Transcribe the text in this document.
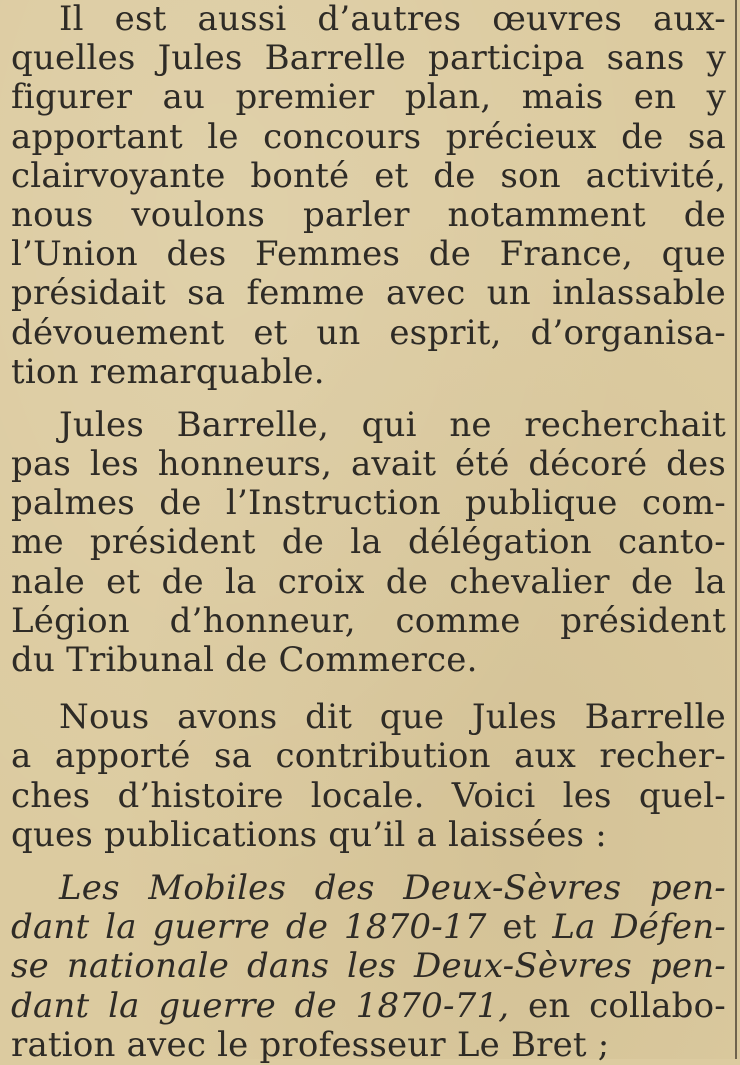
Il est aussi d’autres œuvres aux-
quelles Jules Barrelle participa sans y
figurer au premier plan, mais en y
apportant le concours précieux de sa
clairvoyante bonté et de son activité,
nous voulons parler notamment de
l’Union des Femmes de France, que
présidait sa femme avec un inlassable
dévouement et un esprit, d’organisa-
tion remarquable.
Jules Barrelle, qui ne recherchait
pas les honneurs, avait été décoré des
palmes de l’Instruction publique com-
me président de la délégation canto-
nale et de la croix de chevalier de la
Légion d’honneur, comme président
du Tribunal de Commerce.
Nous avons dit que Jules Barrelle
a apporté sa contribution aux recher-
ches d’histoire locale. Voici les quel-
ques publications qu’il a laissées :
Les Mobiles des Deux-Sèvres pen-
dant la guerre de 1870-17 et La Défen-
se nationale dans les Deux-Sèvres pen-
dant la guerre de 1870-71, en collabo-
ration avec le professeur Le Bret ;
